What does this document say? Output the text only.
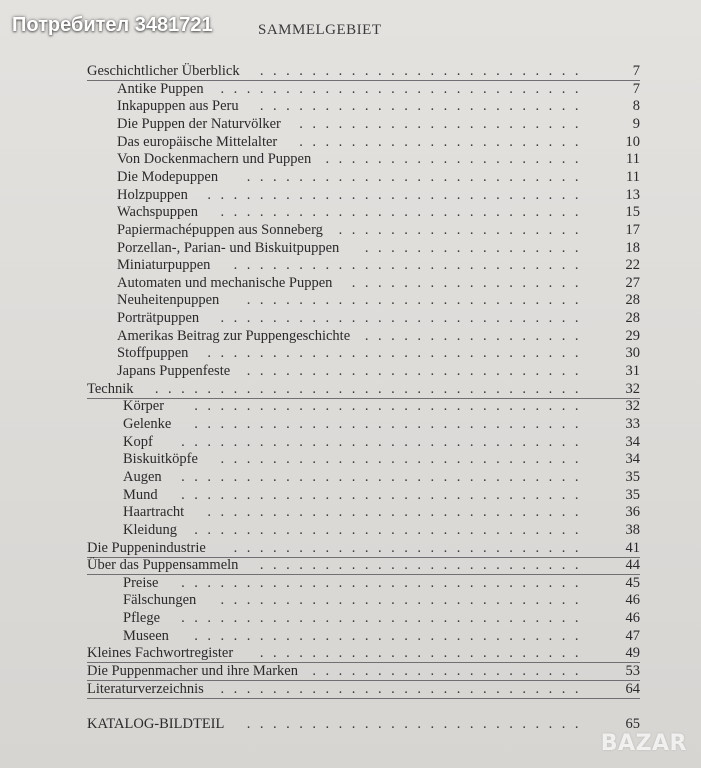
SAMMELGEBIET
Geschichtlicher Überblick	.........................	7
Antike Puppen	............................	7
Inkapuppen aus Peru	.........................	8
Die Puppen der Naturvölker	......................	9
Das europäische Mittelalter	......................	10
Von Dockenmachern und Puppen ....................	11
Die Modepuppen	..........................	11
Holzpuppen	.............................	13
Wachspuppen	............................	15
Papiermachépuppen aus Sonneberg	...................	17
Porzellan-, Parian- und Biskuitpuppen	.................	18
Miniaturpuppen	...........................	22
Automaten und mechanische Puppen	..................	27
Neuheitenpuppen	..........................	28
Porträtpuppen	............................	28
Amerikas Beitrag zur Puppengeschichte	.................	29
Stoffpuppen	.............................	30
Japans Puppenfeste	..........................	31
Technik	.................................	32
Körper	..............................	32
Gelenke	..............................	33
Kopf	...............................	34
Biskuitköpfe	............................	34
Augen	...............................	35
Mund	...............................	35
Haartracht	.............................	36
Kleidung	..............................	38
Die Puppenindustrie	...........................	41
Über das Puppensammeln	.........................	44
Preise	...............................	45
Fälschungen	............................	46
Pflege	...............................	46
Museen	..............................	47
Kleines Fachwortregister	.........................	49
Die Puppenmacher und ihre Marken .....................	53
Literaturverzeichnis	............................	64
KATALOG-BILDTEIL	..........................	65
BAZAR
Потребител 3481721
